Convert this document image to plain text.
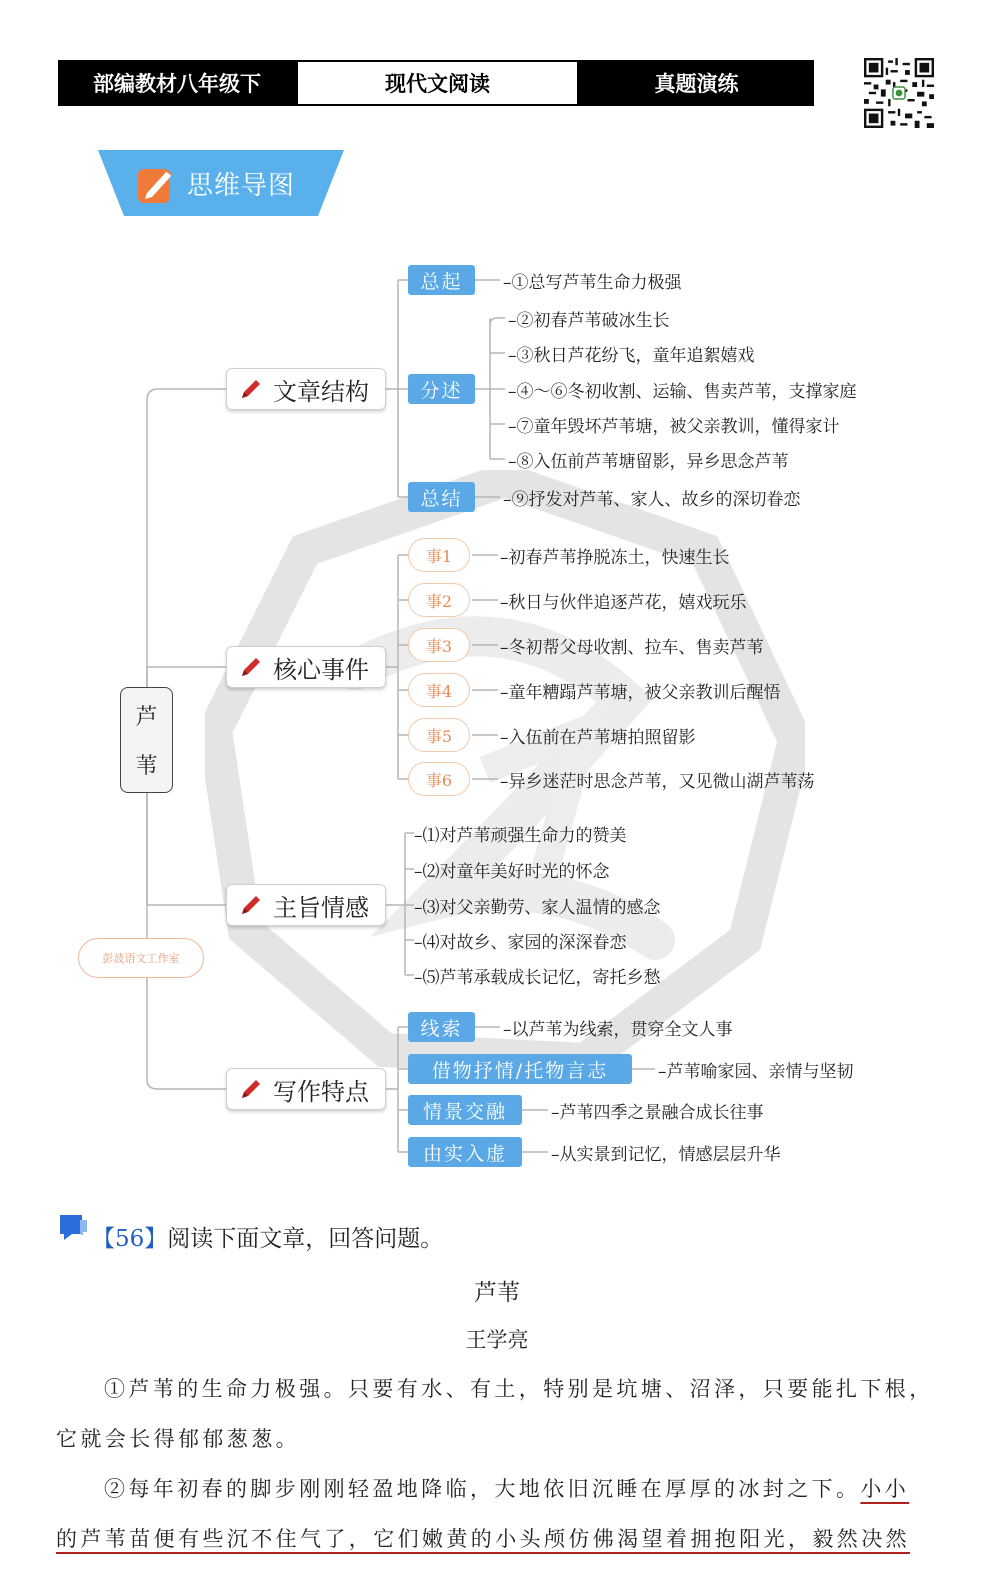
部编教材八年级下	现代文阅读	真题演练
思维导图
芦
苇
彭波语文工作室
文章结构
总起
分述
总结
–①总写芦苇生命力极强
–②初春芦苇破冰生长
–③秋日芦花纷飞，童年追絮嬉戏
–④～⑥冬初收割、运输、售卖芦苇，支撑家庭
–⑦童年毁坏芦苇塘，被父亲教训，懂得家计
–⑧入伍前芦苇塘留影，异乡思念芦苇
–⑨抒发对芦苇、家人、故乡的深切眷恋
核心事件
事1
事2
事3
事4
事5
事6
–初春芦苇挣脱冻土，快速生长
–秋日与伙伴追逐芦花，嬉戏玩乐
–冬初帮父母收割、拉车、售卖芦苇
–童年糟蹋芦苇塘，被父亲教训后醒悟
–入伍前在芦苇塘拍照留影
–异乡迷茫时思念芦苇，又见微山湖芦苇荡
主旨情感
–⑴对芦苇顽强生命力的赞美
–⑵对童年美好时光的怀念
–⑶对父亲勤劳、家人温情的感念
–⑷对故乡、家园的深深眷恋
–⑸芦苇承载成长记忆，寄托乡愁
写作特点
线索
借物抒情/托物言志
情景交融
由实入虚
–以芦苇为线索，贯穿全文人事
–芦苇喻家园、亲情与坚韧
–芦苇四季之景融合成长往事
–从实景到记忆，情感层层升华
【56】阅读下面文章，回答问题。
芦苇
王学亮
①芦苇的生命力极强。只要有水、有土，特别是坑塘、沼泽，只要能扎下根，
它就会长得郁郁葱葱。
②每年初春的脚步刚刚轻盈地降临，大地依旧沉睡在厚厚的冰封之下。小小
的芦苇苗便有些沉不住气了，它们嫩黄的小头颅仿佛渴望着拥抱阳光，毅然决然
